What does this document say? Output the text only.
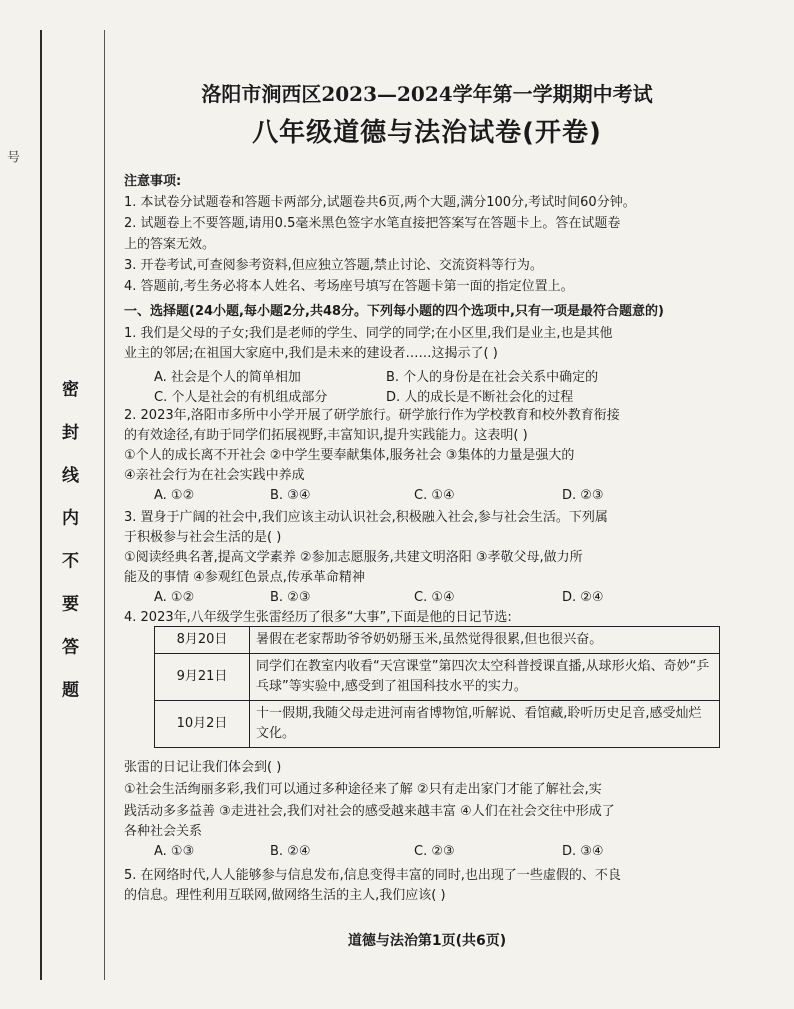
号
密 封 线 内 不 要 答 题
洛阳市涧西区2023—2024学年第一学期期中考试
八年级道德与法治试卷(开卷)
注意事项:
1. 本试卷分试题卷和答题卡两部分,试题卷共6页,两个大题,满分100分,考试时间60分钟。
2. 试题卷上不要答题,请用0.5毫米黑色签字水笔直接把答案写在答题卡上。答在试题卷
上的答案无效。
3. 开卷考试,可查阅参考资料,但应独立答题,禁止讨论、交流资料等行为。
4. 答题前,考生务必将本人姓名、考场座号填写在答题卡第一面的指定位置上。
一、选择题(24小题,每小题2分,共48分。下列每小题的四个选项中,只有一项是最符合题意的)
1. 我们是父母的子女;我们是老师的学生、同学的同学;在小区里,我们是业主,也是其他
业主的邻居;在祖国大家庭中,我们是未来的建设者……这揭示了( )
A. 社会是个人的简单相加	B. 个人的身份是在社会关系中确定的
C. 个人是社会的有机组成部分	D. 人的成长是不断社会化的过程
2. 2023年,洛阳市多所中小学开展了研学旅行。研学旅行作为学校教育和校外教育衔接
的有效途径,有助于同学们拓展视野,丰富知识,提升实践能力。这表明( )
①个人的成长离不开社会 ②中学生要奉献集体,服务社会 ③集体的力量是强大的
④亲社会行为在社会实践中养成
A. ①②	B. ③④	C. ①④	D. ②③
3. 置身于广阔的社会中,我们应该主动认识社会,积极融入社会,参与社会生活。下列属
于积极参与社会生活的是( )
①阅读经典名著,提高文学素养 ②参加志愿服务,共建文明洛阳 ③孝敬父母,做力所
能及的事情 ④参观红色景点,传承革命精神
A. ①②	B. ②③	C. ①④	D. ②④
4. 2023年,八年级学生张雷经历了很多“大事”,下面是他的日记节选:
8月20日	暑假在老家帮助爷爷奶奶掰玉米,虽然觉得很累,但也很兴奋。
9月21日	同学们在教室内收看“天宫课堂”第四次太空科普授课直播,从球形火焰、奇妙“乒乓球”等实验中,感受到了祖国科技水平的实力。
10月2日	十一假期,我随父母走进河南省博物馆,听解说、看馆藏,聆听历史足音,感受灿烂文化。
张雷的日记让我们体会到( )
①社会生活绚丽多彩,我们可以通过多种途径来了解 ②只有走出家门才能了解社会,实
践活动多多益善 ③走进社会,我们对社会的感受越来越丰富 ④人们在社会交往中形成了
各种社会关系
A. ①③	B. ②④	C. ②③	D. ③④
5. 在网络时代,人人能够参与信息发布,信息变得丰富的同时,也出现了一些虚假的、不良
的信息。理性利用互联网,做网络生活的主人,我们应该( )
道德与法治第1页(共6页)
